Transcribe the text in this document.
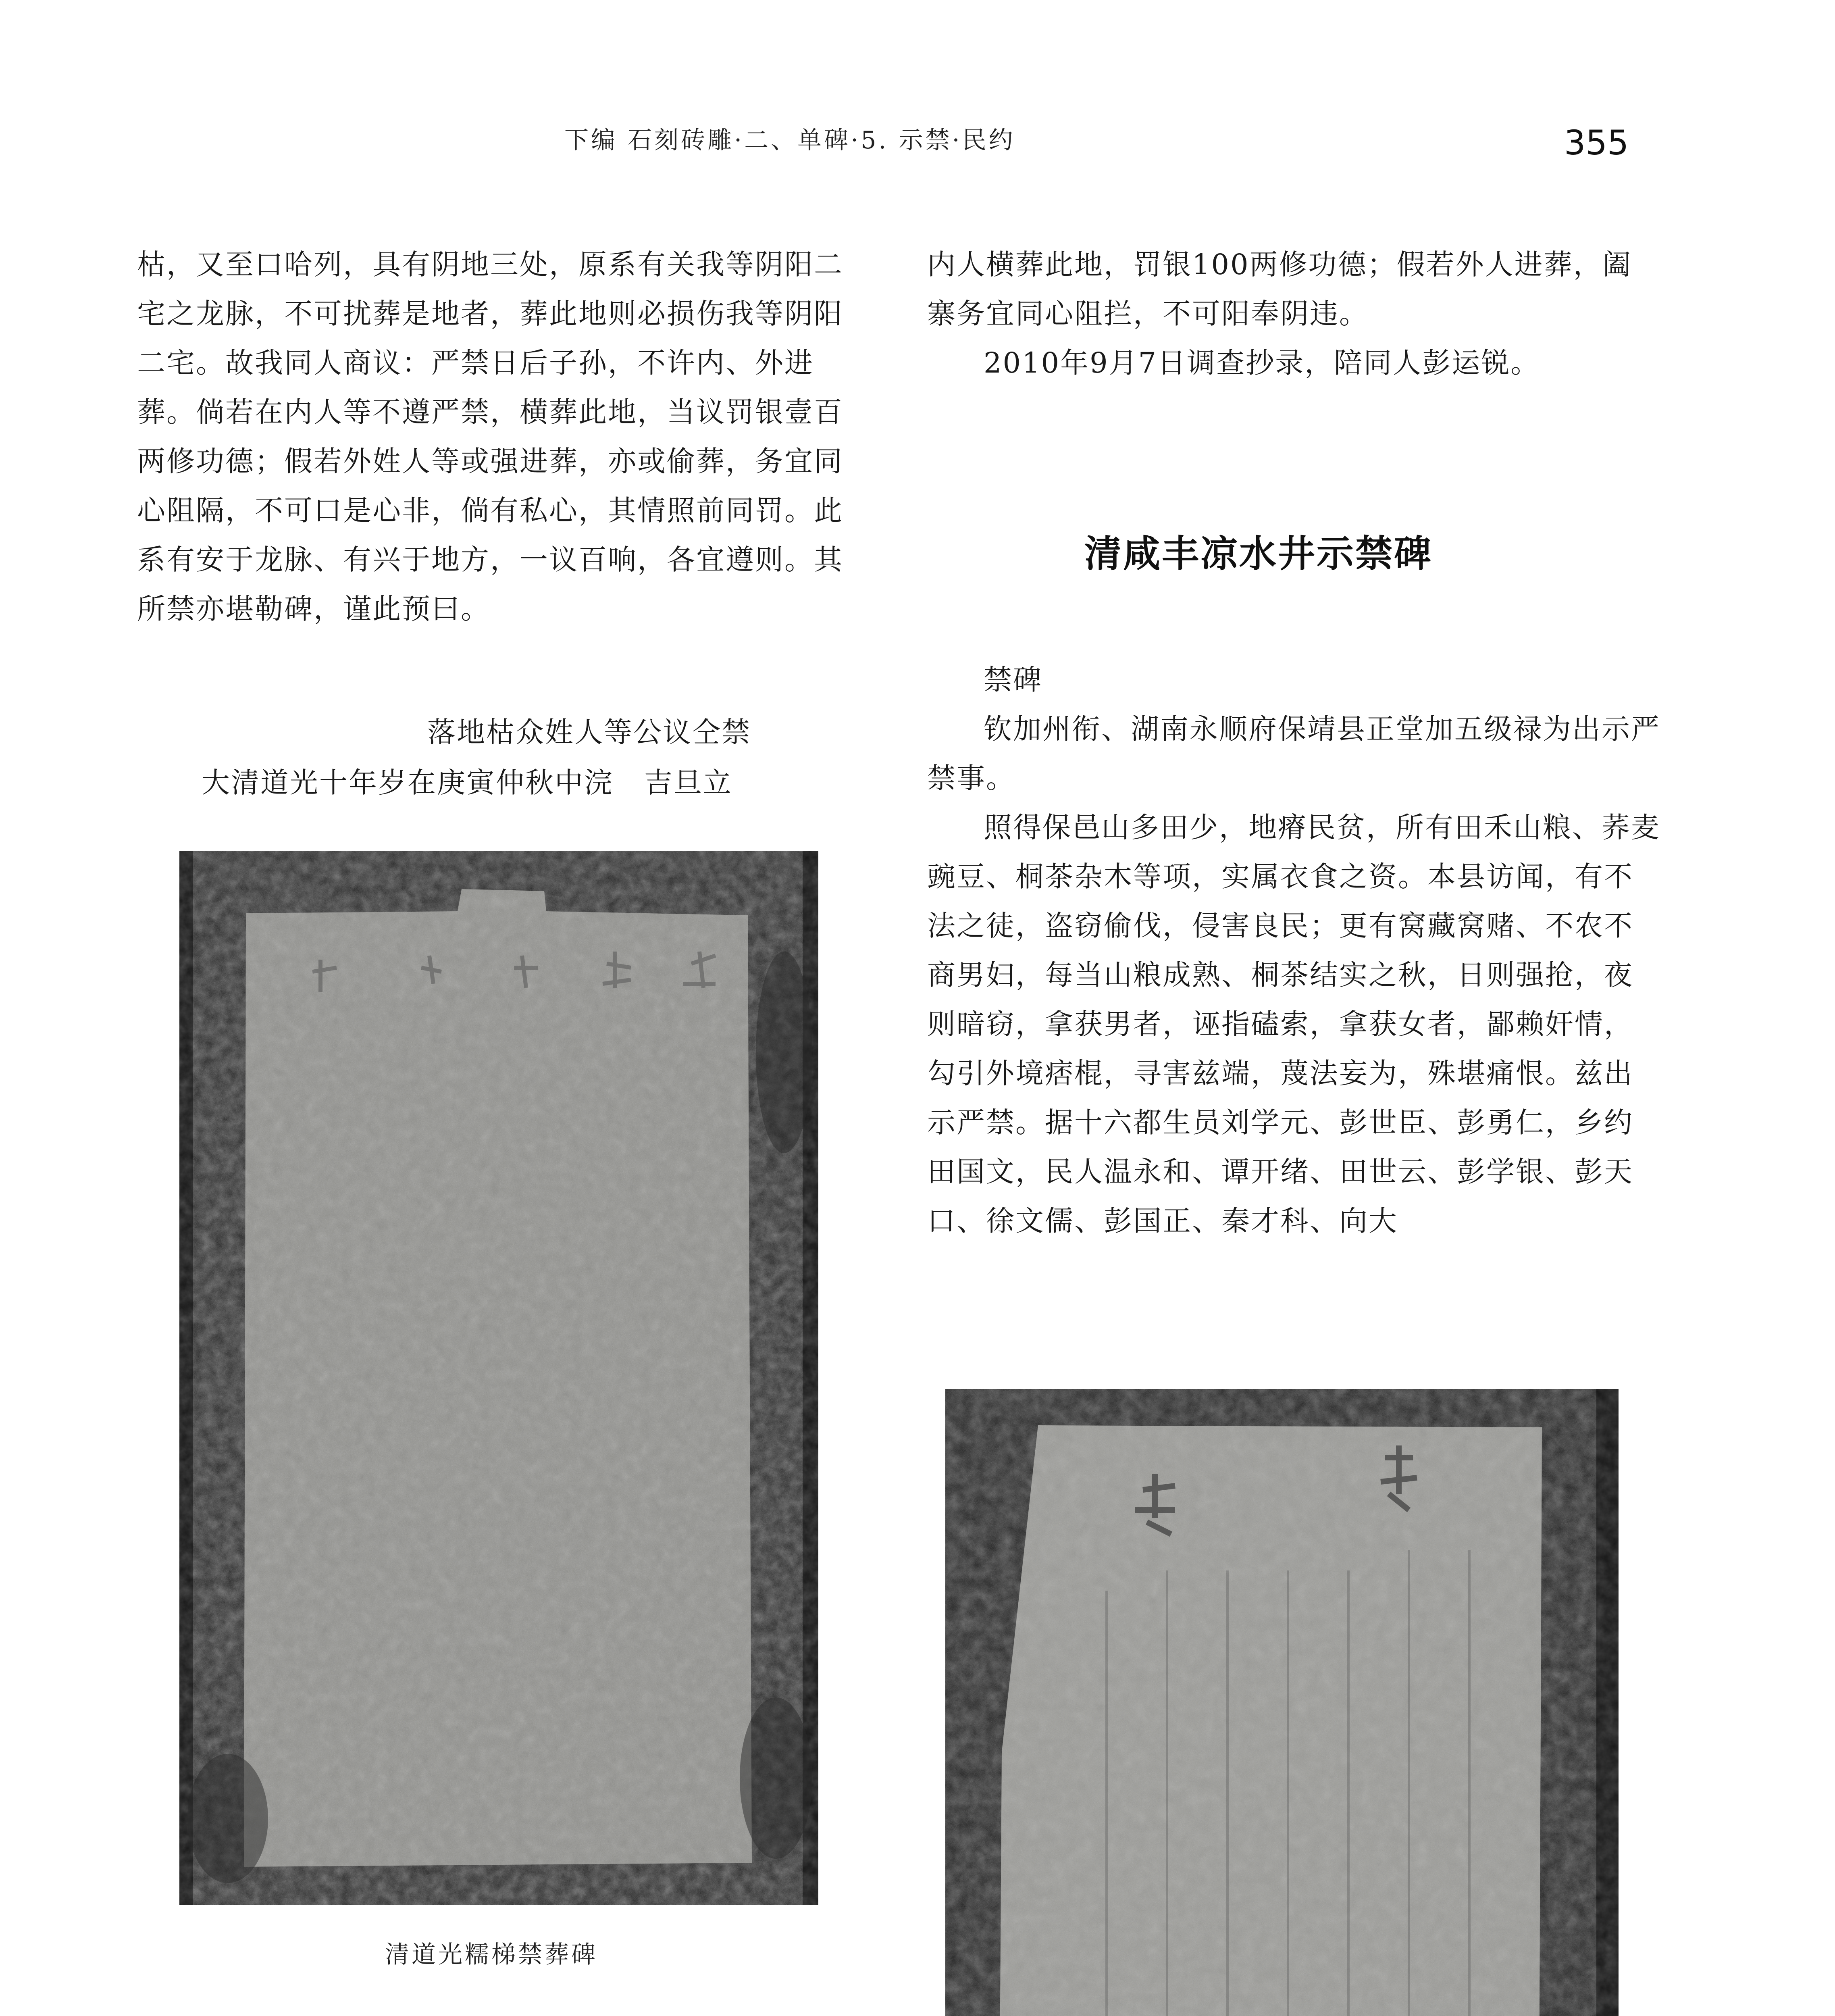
下编 石刻砖雕·二、单碑·5. 示禁·民约	355

枯，又至口哈列，具有阴地三处，原系有关我等阴阳二宅之龙脉，不可扰葬是地者，葬此地则必损伤我等阴阳二宅。故我同人商议：严禁日后子孙，不许内、外进葬。倘若在内人等不遵严禁，横葬此地，当议罚银壹百两修功德；假若外姓人等或强进葬，亦或偷葬，务宜同心阻隔，不可口是心非，倘有私心，其情照前同罚。此系有安于龙脉、有兴于地方，一议百响，各宜遵则。其所禁亦堪勒碑，谨此预曰。

落地枯众姓人等公议仝禁
大清道光十年岁在庚寅仲秋中浣   吉旦立
清道光糯梯禁葬碑

内人横葬此地，罚银100两修功德；假若外人进葬，阖寨务宜同心阻拦，不可阳奉阴违。

2010年9月7日调查抄录，陪同人彭运锐。

清咸丰凉水井示禁碑

禁碑

钦加州衔、湖南永顺府保靖县正堂加五级禄为出示严禁事。

照得保邑山多田少，地瘠民贫，所有田禾山粮、荞麦豌豆、桐茶杂木等项，实属衣食之资。本县访闻，有不法之徒，盗窃偷伐，侵害良民；更有窝藏窝赌、不农不商男妇，每当山粮成熟、桐茶结实之秋，日则强抢，夜则暗窃，拿获男者，诬指磕索，拿获女者，鄙赖奸情，勾引外境痞棍，寻害兹端，蔑法妄为，殊堪痛恨。兹出示严禁。据十六都生员刘学元、彭世臣、彭勇仁，乡约田国文，民人温永和、谭开绪、田世云、彭学银、彭天口、徐文儒、彭国正、秦才科、向大
